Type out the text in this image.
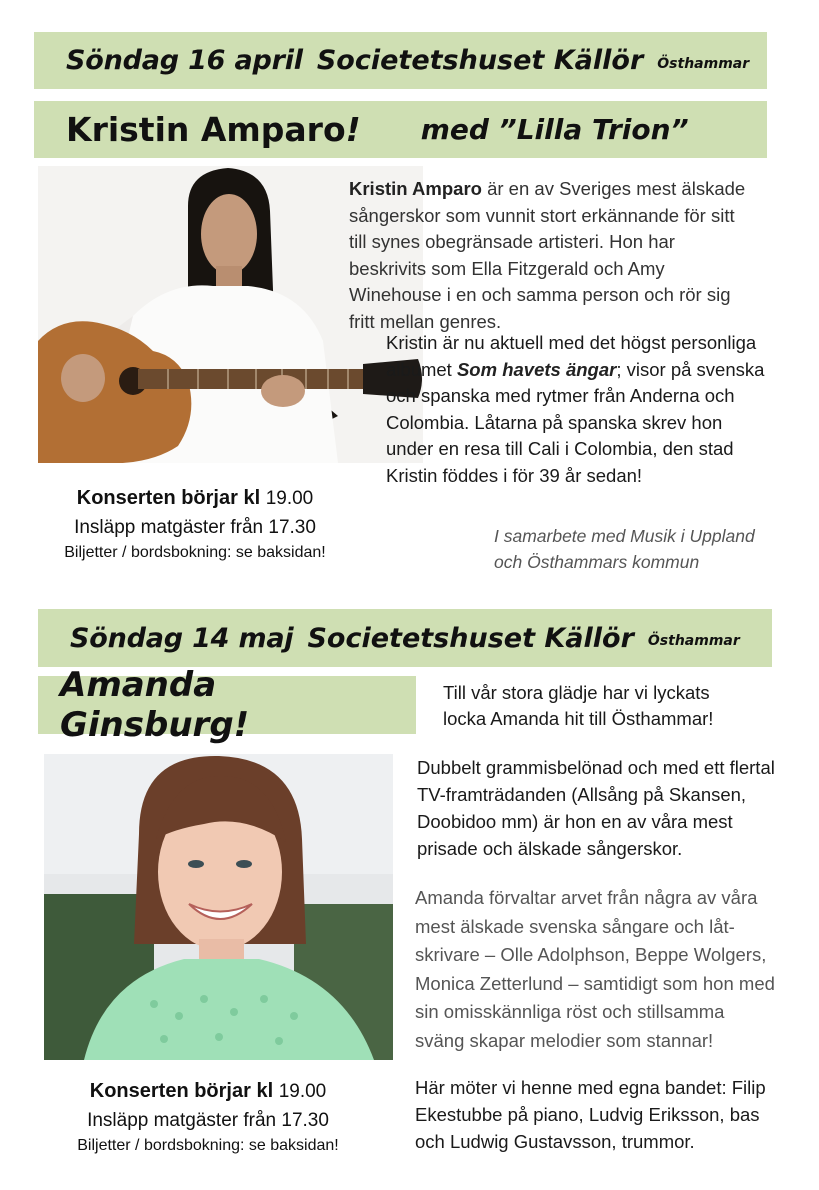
Söndag 16 april Societetshuset Källör Östhammar
Kristin Amparo ! med ”Lilla Trion”
Kristin Amparo är en av Sveriges mest älskade sångerskor som vunnit stort erkännande för sitt till synes obegränsade artisteri. Hon har beskrivits som Ella Fitzgerald och Amy Winehouse i en och samma person och rör sig fritt mellan genres.
Kristin är nu aktuell med det högst personliga albumet Som havets ängar; visor på svenska och spanska med rytmer från Anderna och Colombia. Låtarna på spanska skrev hon under en resa till Cali i Colombia, den stad Kristin föddes i för 39 år sedan!
I samarbete med Musik i Uppland
och Östhammars kommun
Konserten börjar kl 19.00
Insläpp matgäster från 17.30
Biljetter / bordsbokning: se baksidan!
Söndag 14 maj Societetshuset Källör Östhammar
Amanda Ginsburg!
Till vår stora glädje har vi lyckats
locka Amanda hit till Östhammar!
Dubbelt grammisbelönad och med ett flertal TV-framträdanden (Allsång på Skansen, Doobidoo mm) är hon en av våra mest prisade och älskade sångerskor.
Amanda förvaltar arvet från några av våra mest älskade svenska sångare och låt-skrivare – Olle Adolphson, Beppe Wolgers, Monica Zetterlund – samtidigt som hon med sin omisskännliga röst och stillsamma sväng skapar melodier som stannar!
Här möter vi henne med egna bandet: Filip Ekestubbe på piano, Ludvig Eriksson, bas och Ludwig Gustavsson, trummor.
Konserten börjar kl 19.00
Insläpp matgäster från 17.30
Biljetter / bordsbokning: se baksidan!
